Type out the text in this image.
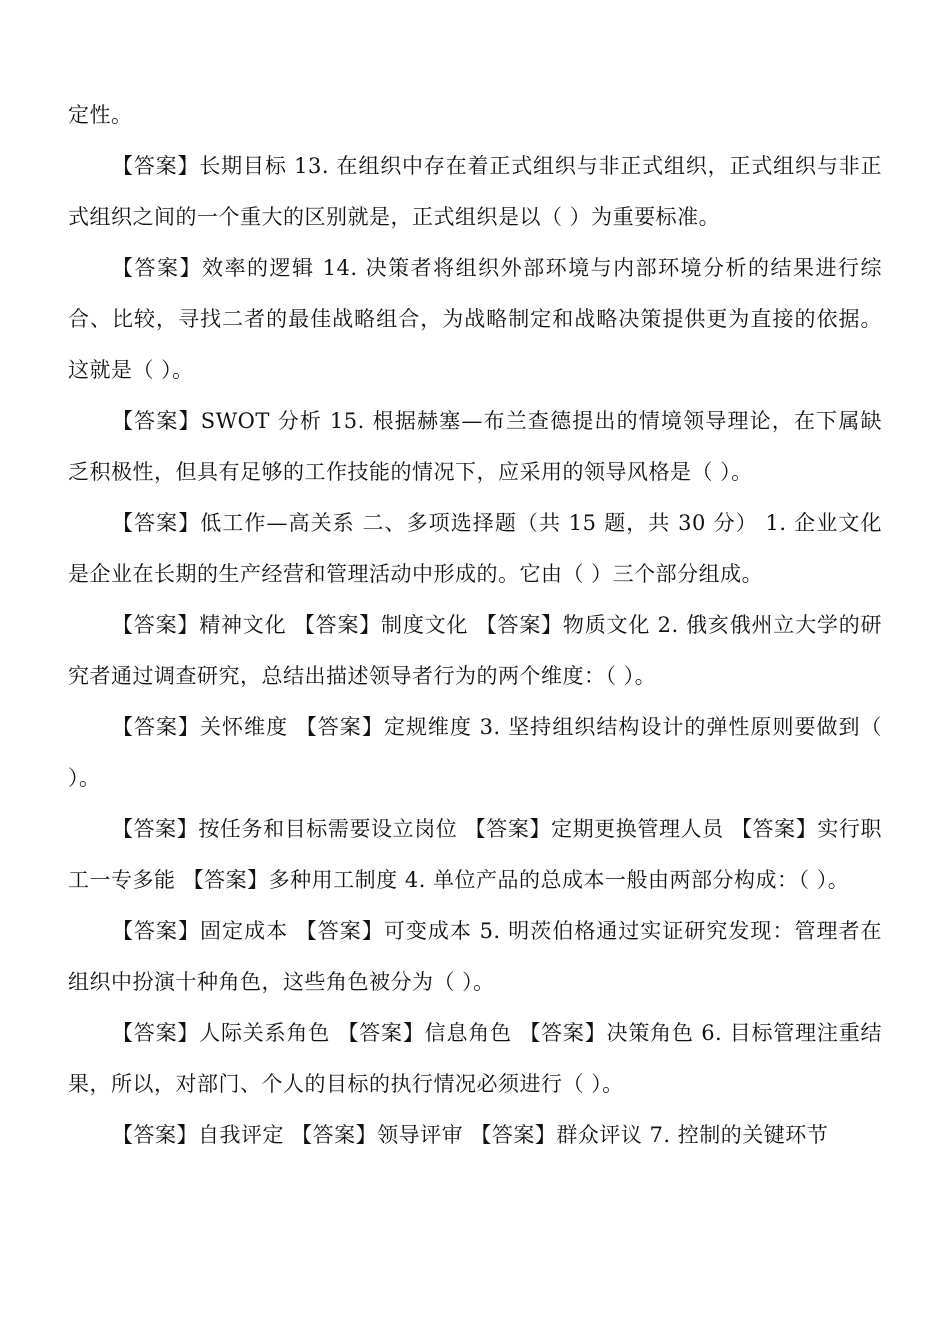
定性。

【答案】长期目标 13. 在组织中存在着正式组织与非正式组织，正式组织与非正式组织之间的一个重大的区别就是，正式组织是以（ ）为重要标准。

【答案】效率的逻辑 14. 决策者将组织外部环境与内部环境分析的结果进行综合、比较，寻找二者的最佳战略组合，为战略制定和战略决策提供更为直接的依据。这就是（ ）。

【答案】SWOT 分析 15. 根据赫塞—布兰查德提出的情境领导理论，在下属缺乏积极性，但具有足够的工作技能的情况下，应采用的领导风格是（ ）。

【答案】低工作—高关系 二、多项选择题（共 15 题，共 30 分） 1. 企业文化是企业在长期的生产经营和管理活动中形成的。它由（ ）三个部分组成。

【答案】精神文化 【答案】制度文化 【答案】物质文化 2. 俄亥俄州立大学的研究者通过调查研究，总结出描述领导者行为的两个维度：（ ）。

【答案】关怀维度 【答案】定规维度 3. 坚持组织结构设计的弹性原则要做到（ ）。

【答案】按任务和目标需要设立岗位 【答案】定期更换管理人员 【答案】实行职工一专多能 【答案】多种用工制度 4. 单位产品的总成本一般由两部分构成：（ ）。

【答案】固定成本 【答案】可变成本 5. 明茨伯格通过实证研究发现：管理者在组织中扮演十种角色，这些角色被分为（ ）。

【答案】人际关系角色 【答案】信息角色 【答案】决策角色 6. 目标管理注重结果，所以，对部门、个人的目标的执行情况必须进行（ ）。

【答案】自我评定 【答案】领导评审 【答案】群众评议 7. 控制的关键环节
